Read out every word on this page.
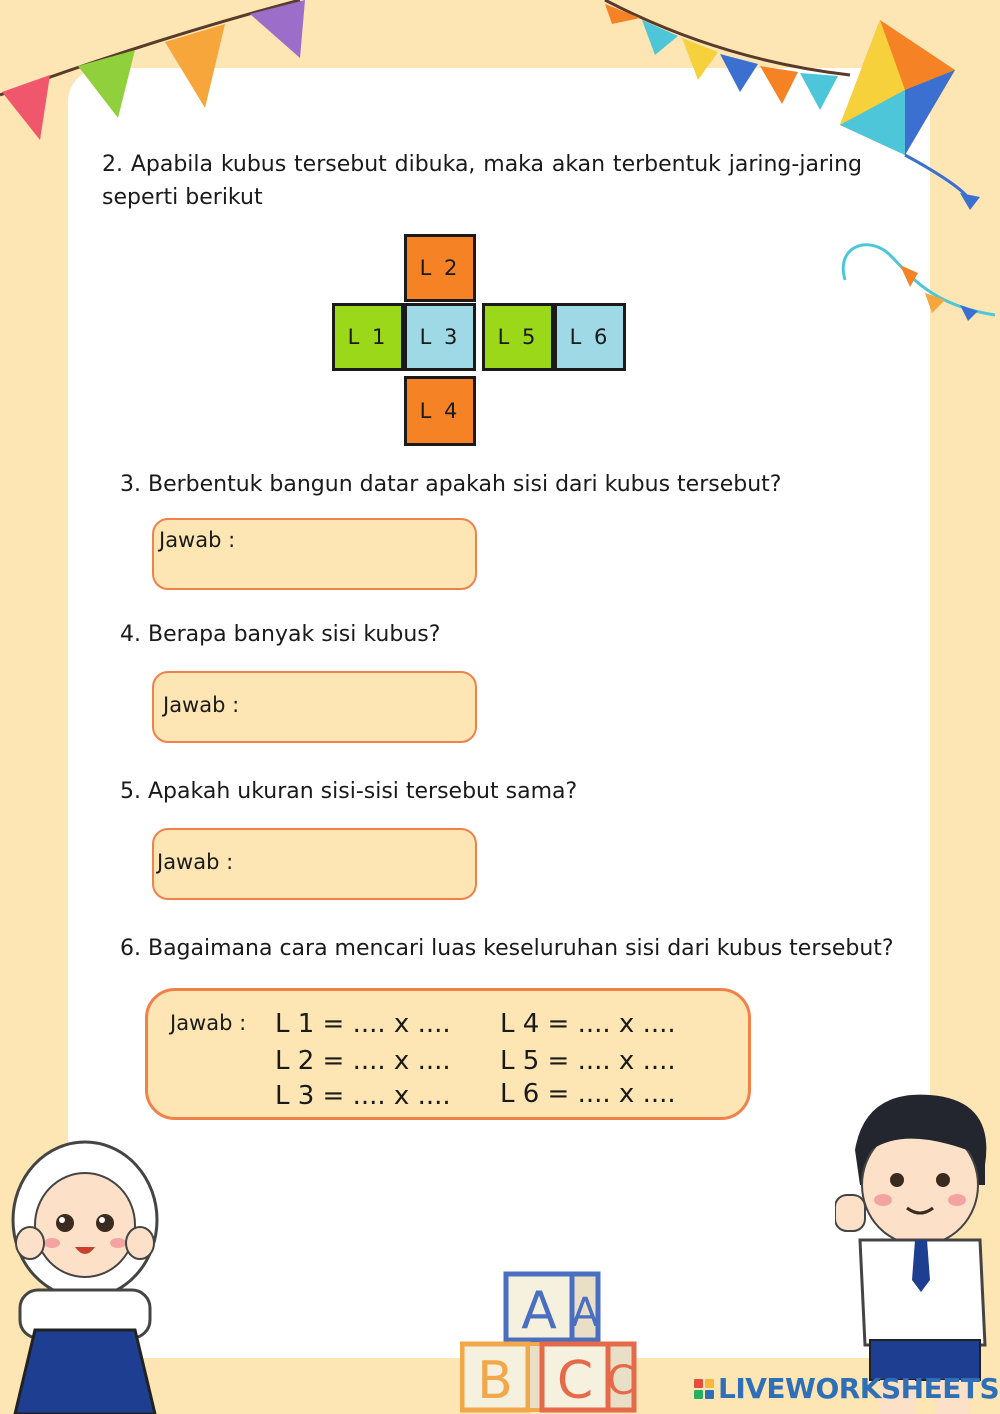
2. Apabila kubus tersebut dibuka, maka akan terbentuk jaring-jaring seperti berikut
L 2
L 1	L 3	L 5	L 6
L 4
3. Berbentuk bangun datar apakah sisi dari kubus tersebut?
Jawab :
4. Berapa banyak sisi kubus?
Jawab :
5. Apakah ukuran sisi-sisi tersebut sama?
Jawab :
6. Bagaimana cara mencari luas keseluruhan sisi dari kubus tersebut?
Jawab : L 1 = .... x ....
L 2 = .... x ....
L 3 = .... x ....
L 4 = .... x ....
L 5 = .... x ....
L 6 = .... x ....
A A
B C C	LIVEWORKSHEETS
